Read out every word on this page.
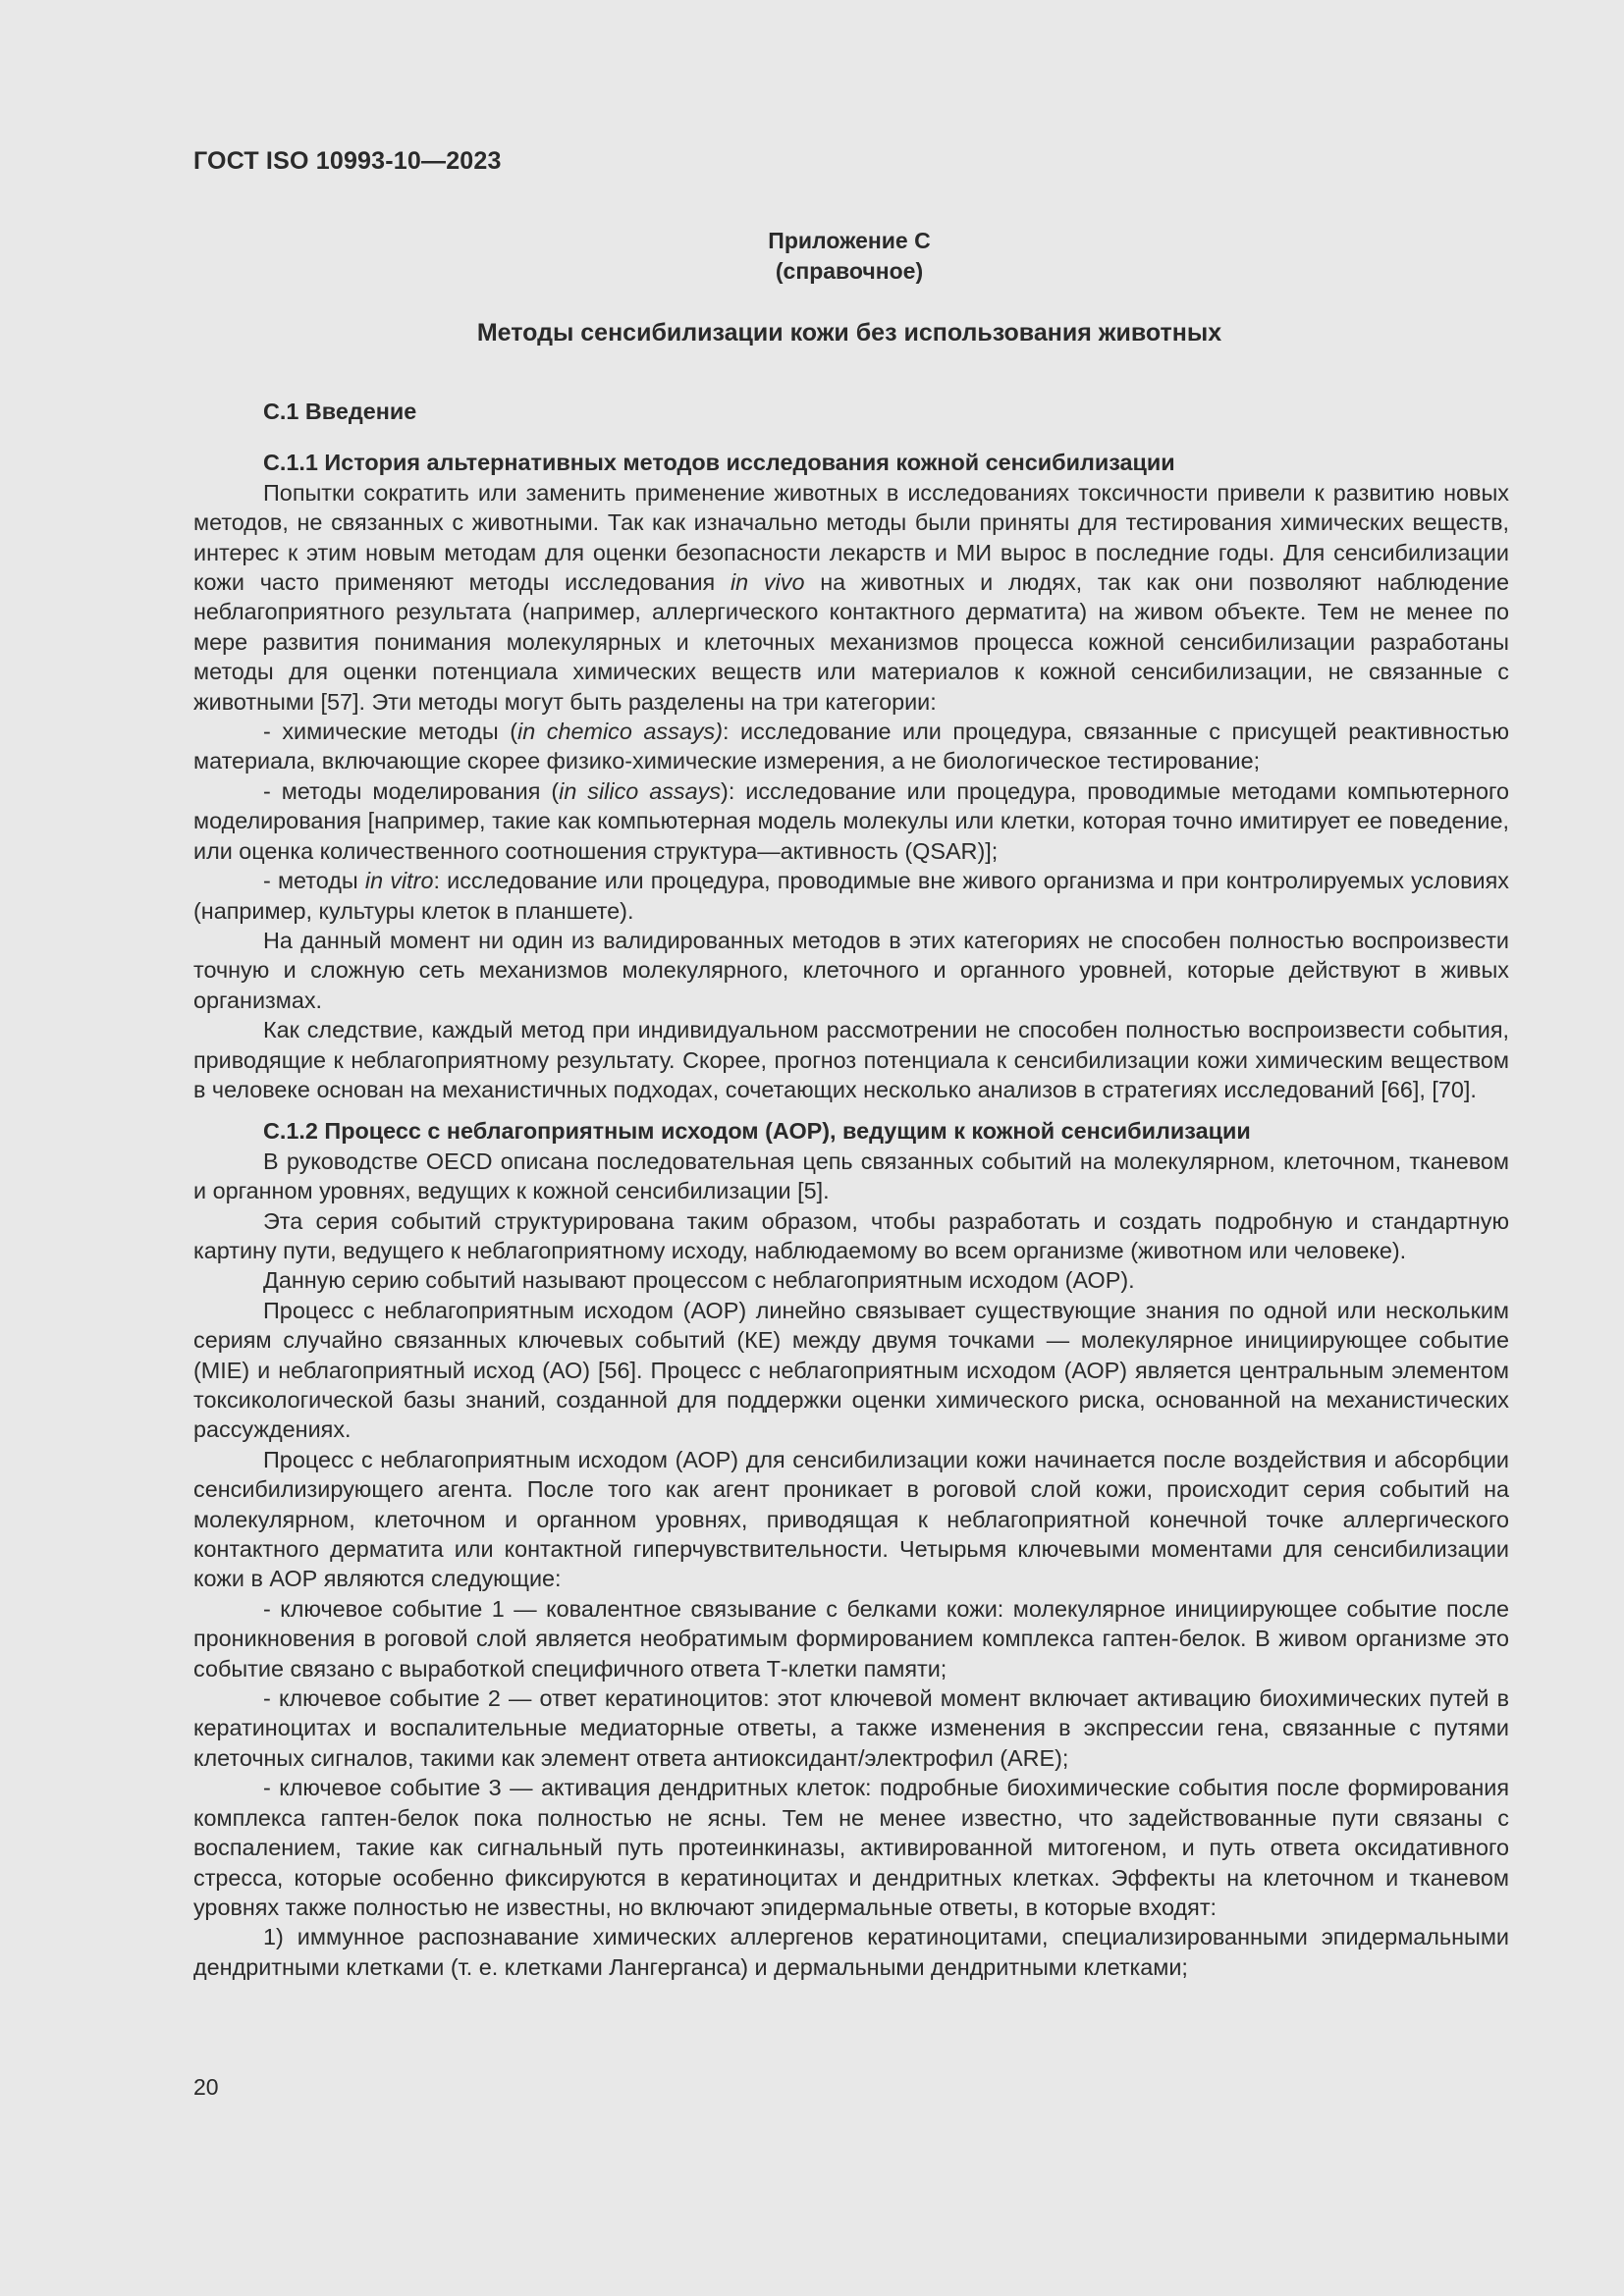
ГОСТ ISO 10993-10—2023
Приложение С
(справочное)
Методы сенсибилизации кожи без использования животных

С.1 Введение

С.1.1 История альтернативных методов исследования кожной сенсибилизации

Попытки сократить или заменить применение животных в исследованиях токсичности привели к развитию новых методов, не связанных с животными. Так как изначально методы были приняты для тестирования химических веществ, интерес к этим новым методам для оценки безопасности лекарств и МИ вырос в последние годы. Для сенсибилизации кожи часто применяют методы исследования in vivo на животных и людях, так как они позволяют наблюдение неблагоприятного результата (например, аллергического контактного дерматита) на живом объекте. Тем не менее по мере развития понимания молекулярных и клеточных механизмов процесса кожной сенсибилизации разработаны методы для оценки потенциала химических веществ или материалов к кожной сенсибилизации, не связанные с животными [57]. Эти методы могут быть разделены на три категории:

- химические методы (in chemico assays): исследование или процедура, связанные с присущей реактивностью материала, включающие скорее физико-химические измерения, а не биологическое тестирование;

- методы моделирования (in silico assays): исследование или процедура, проводимые методами компьютерного моделирования [например, такие как компьютерная модель молекулы или клетки, которая точно имитирует ее поведение, или оценка количественного соотношения структура—активность (QSAR)];

- методы in vitro: исследование или процедура, проводимые вне живого организма и при контролируемых условиях (например, культуры клеток в планшете).

На данный момент ни один из валидированных методов в этих категориях не способен полностью воспроизвести точную и сложную сеть механизмов молекулярного, клеточного и органного уровней, которые действуют в живых организмах.

Как следствие, каждый метод при индивидуальном рассмотрении не способен полностью воспроизвести события, приводящие к неблагоприятному результату. Скорее, прогноз потенциала к сенсибилизации кожи химическим веществом в человеке основан на механистичных подходах, сочетающих несколько анализов в стратегиях исследований [66], [70].

С.1.2 Процесс с неблагоприятным исходом (АОР), ведущим к кожной сенсибилизации

В руководстве OECD описана последовательная цепь связанных событий на молекулярном, клеточном, тканевом и органном уровнях, ведущих к кожной сенсибилизации [5].

Эта серия событий структурирована таким образом, чтобы разработать и создать подробную и стандартную картину пути, ведущего к неблагоприятному исходу, наблюдаемому во всем организме (животном или человеке).

Данную серию событий называют процессом с неблагоприятным исходом (АОР).

Процесс с неблагоприятным исходом (АОР) линейно связывает существующие знания по одной или нескольким сериям случайно связанных ключевых событий (КЕ) между двумя точками — молекулярное инициирующее событие (MIE) и неблагоприятный исход (АО) [56]. Процесс с неблагоприятным исходом (АОР) является центральным элементом токсикологической базы знаний, созданной для поддержки оценки химического риска, основанной на механистических рассуждениях.

Процесс с неблагоприятным исходом (АОР) для сенсибилизации кожи начинается после воздействия и абсорбции сенсибилизирующего агента. После того как агент проникает в роговой слой кожи, происходит серия событий на молекулярном, клеточном и органном уровнях, приводящая к неблагоприятной конечной точке аллергического контактного дерматита или контактной гиперчувствительности. Четырьмя ключевыми моментами для сенсибилизации кожи в АОР являются следующие:

- ключевое событие 1 — ковалентное связывание с белками кожи: молекулярное инициирующее событие после проникновения в роговой слой является необратимым формированием комплекса гаптен-белок. В живом организме это событие связано с выработкой специфичного ответа Т-клетки памяти;

- ключевое событие 2 — ответ кератиноцитов: этот ключевой момент включает активацию биохимических путей в кератиноцитах и воспалительные медиаторные ответы, а также изменения в экспрессии гена, связанные с путями клеточных сигналов, такими как элемент ответа антиоксидант/электрофил (ARE);

- ключевое событие 3 — активация дендритных клеток: подробные биохимические события после формирования комплекса гаптен-белок пока полностью не ясны. Тем не менее известно, что задействованные пути связаны с воспалением, такие как сигнальный путь протеинкиназы, активированной митогеном, и путь ответа оксидативного стресса, которые особенно фиксируются в кератиноцитах и дендритных клетках. Эффекты на клеточном и тканевом уровнях также полностью не известны, но включают эпидермальные ответы, в которые входят:

1) иммунное распознавание химических аллергенов кератиноцитами, специализированными эпидермальными дендритными клетками (т. е. клетками Лангерганса) и дермальными дендритными клетками;

20
